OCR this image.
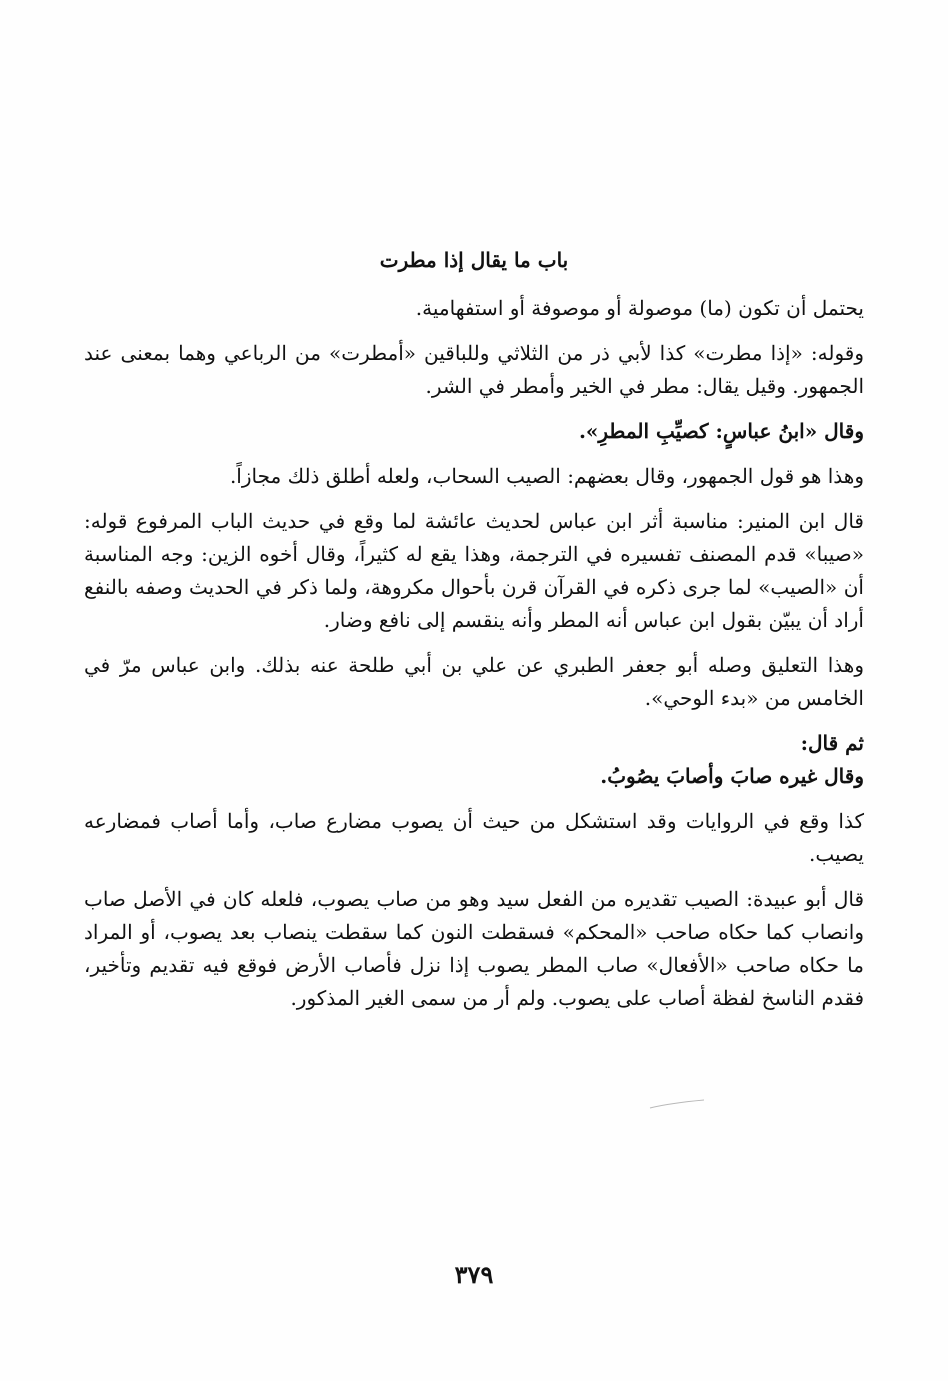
باب ما يقال إذا مطرت

يحتمل أن تكون (ما) موصولة أو موصوفة أو استفهامية.

وقوله: «إذا مطرت» كذا لأبي ذر من الثلاثي وللباقين «أمطرت» من الرباعي وهما بمعنى عند الجمهور. وقيل يقال: مطر في الخير وأمطر في الشر.

وقال «ابنُ عباسٍ: كصيِّبِ المطرِ».

وهذا هو قول الجمهور، وقال بعضهم: الصيب السحاب، ولعله أطلق ذلك مجازاً.

قال ابن المنير: مناسبة أثر ابن عباس لحديث عائشة لما وقع في حديث الباب المرفوع قوله: «صيبا» قدم المصنف تفسيره في الترجمة، وهذا يقع له كثيراً، وقال أخوه الزين: وجه المناسبة أن «الصيب» لما جرى ذكره في القرآن قرن بأحوال مكروهة، ولما ذكر في الحديث وصفه بالنفع أراد أن يبيّن بقول ابن عباس أنه المطر وأنه ينقسم إلى نافع وضار.

وهذا التعليق وصله أبو جعفر الطبري عن علي بن أبي طلحة عنه بذلك. وابن عباس مرّ في الخامس من «بدء الوحي».

ثم قال:

وقال غيره صابَ وأصابَ يصُوبُ.

كذا وقع في الروايات وقد استشكل من حيث أن يصوب مضارع صاب، وأما أصاب فمضارعه يصيب.

قال أبو عبيدة: الصيب تقديره من الفعل سيد وهو من صاب يصوب، فلعله كان في الأصل صاب وانصاب كما حكاه صاحب «المحكم» فسقطت النون كما سقطت ينصاب بعد يصوب، أو المراد ما حكاه صاحب «الأفعال» صاب المطر يصوب إذا نزل فأصاب الأرض فوقع فيه تقديم وتأخير، فقدم الناسخ لفظة أصاب على يصوب. ولم أر من سمى الغير المذكور.

٣٧٩
